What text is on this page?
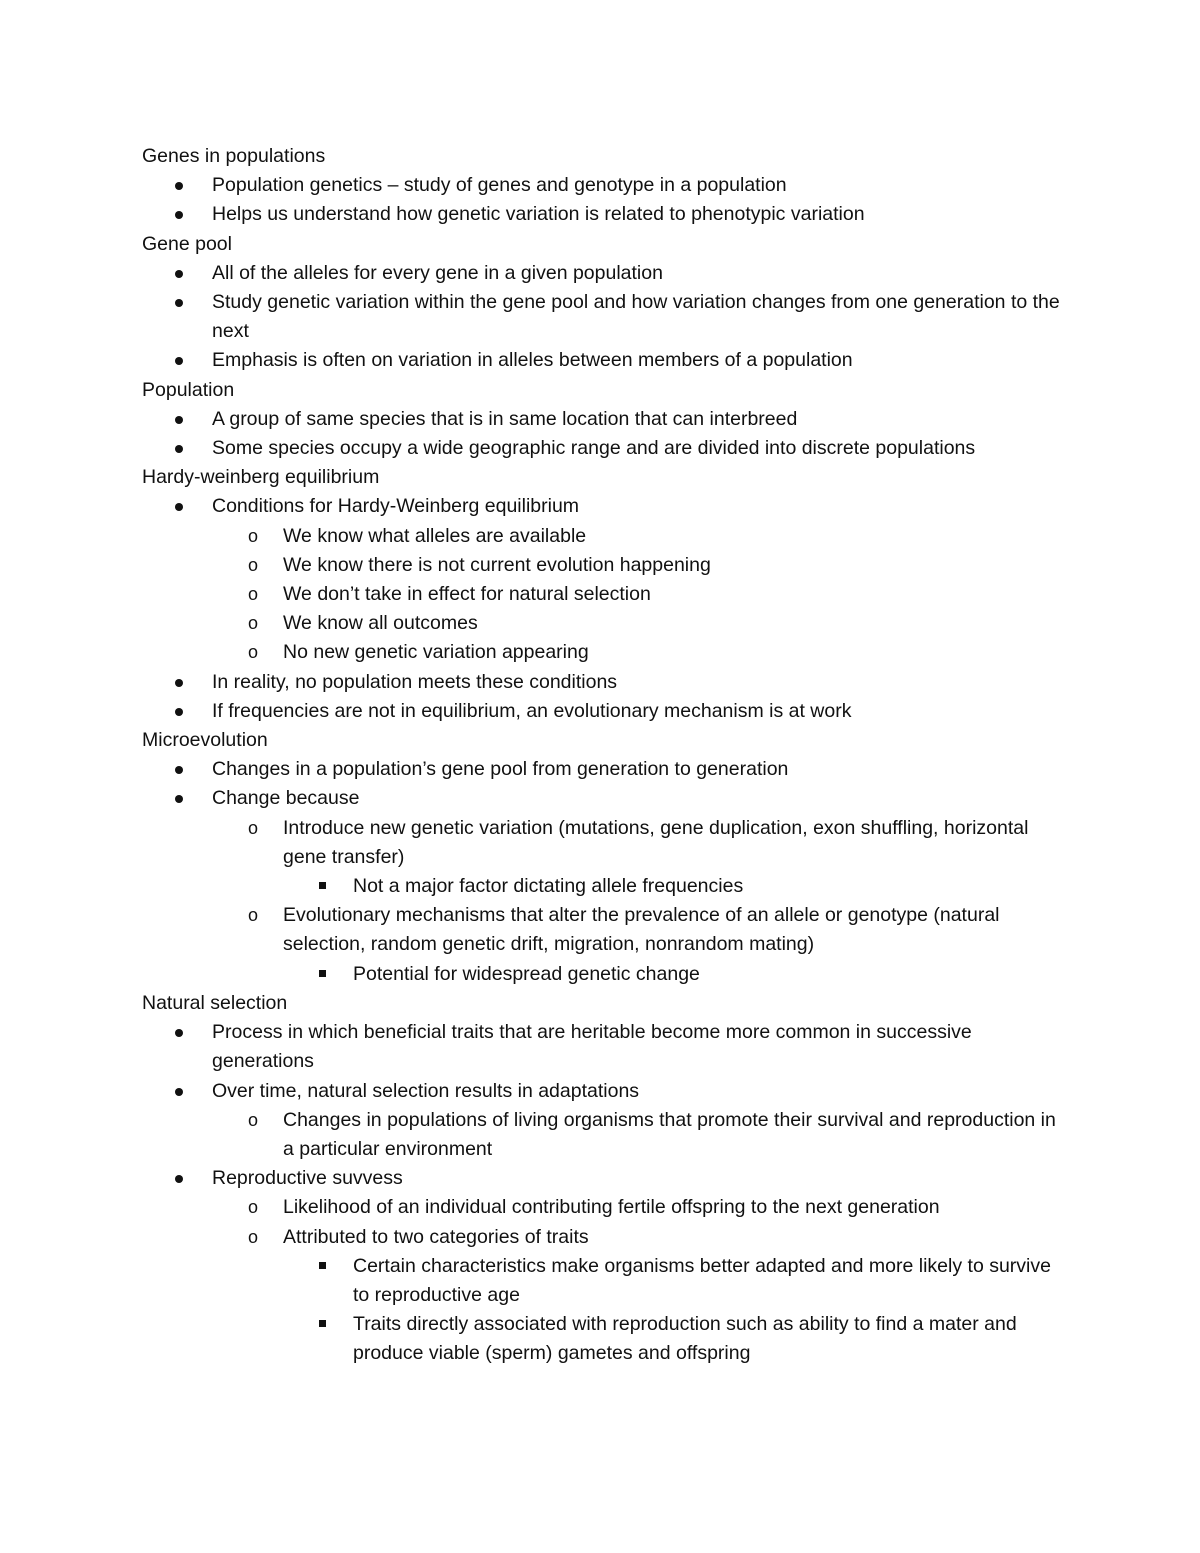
Genes in populations
Population genetics – study of genes and genotype in a population
Helps us understand how genetic variation is related to phenotypic variation
Gene pool
All of the alleles for every gene in a given population
Study genetic variation within the gene pool and how variation changes from one generation to the next
Emphasis is often on variation in alleles between members of a population
Population
A group of same species that is in same location that can interbreed
Some species occupy a wide geographic range and are divided into discrete populations
Hardy-weinberg equilibrium
Conditions for Hardy-Weinberg equilibrium
o We know what alleles are available
o We know there is not current evolution happening
o We don’t take in effect for natural selection
o We know all outcomes
o No new genetic variation appearing
In reality, no population meets these conditions
If frequencies are not in equilibrium, an evolutionary mechanism is at work
Microevolution
Changes in a population’s gene pool from generation to generation
Change because
o Introduce new genetic variation (mutations, gene duplication, exon shuffling, horizontal gene transfer)
Not a major factor dictating allele frequencies
o Evolutionary mechanisms that alter the prevalence of an allele or genotype (natural selection, random genetic drift, migration, nonrandom mating)
Potential for widespread genetic change
Natural selection
Process in which beneficial traits that are heritable become more common in successive generations
Over time, natural selection results in adaptations
o Changes in populations of living organisms that promote their survival and reproduction in a particular environment
Reproductive suvvess
o Likelihood of an individual contributing fertile offspring to the next generation
o Attributed to two categories of traits
Certain characteristics make organisms better adapted and more likely to survive to reproductive age
Traits directly associated with reproduction such as ability to find a mater and produce viable (sperm) gametes and offspring
